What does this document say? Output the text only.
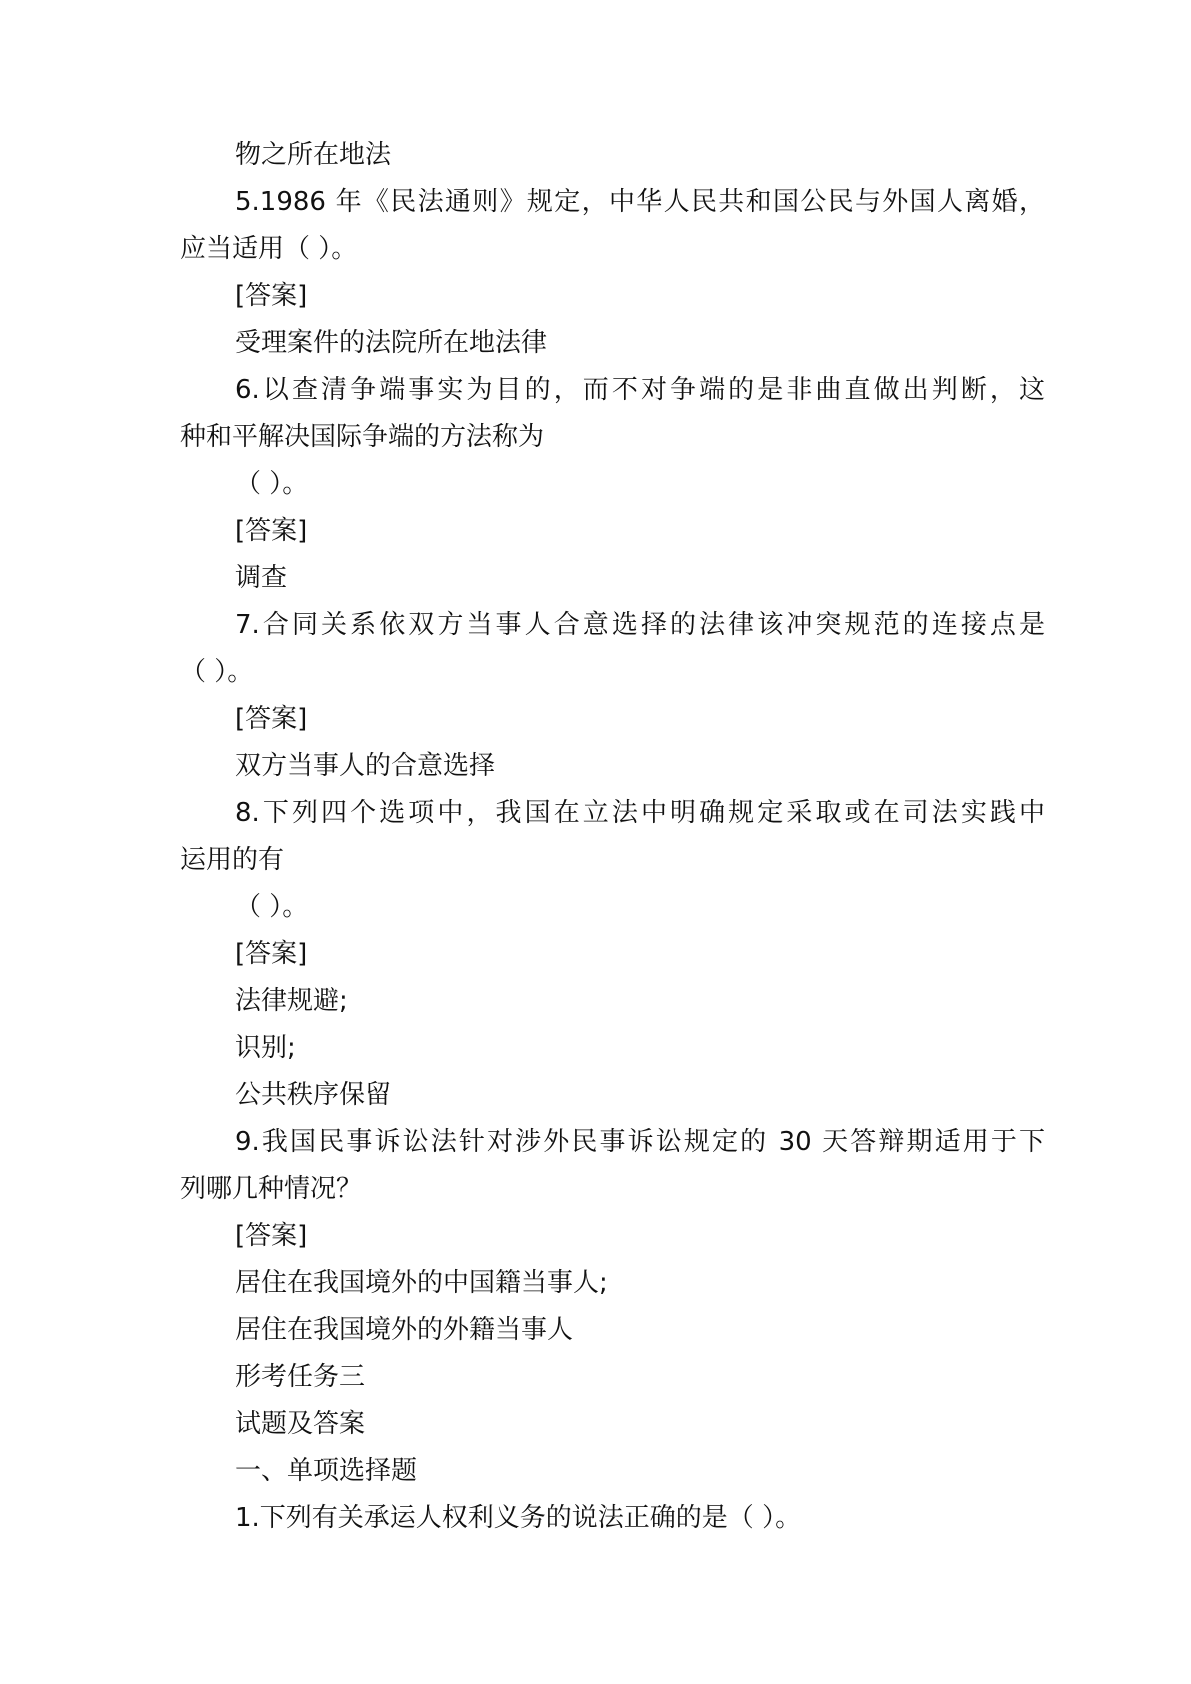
物之所在地法

5.1986 年《民法通则》规定，中华人民共和国公民与外国人离婚，

应当适用（ ）。

[答案]

受理案件的法院所在地法律

6.以查清争端事实为目的，而不对争端的是非曲直做出判断，这

种和平解决国际争端的方法称为

（ ）。

[答案]

调查

7.合同关系依双方当事人合意选择的法律该冲突规范的连接点是

（ ）。

[答案]

双方当事人的合意选择

8.下列四个选项中，我国在立法中明确规定采取或在司法实践中

运用的有

（ ）。

[答案]

法律规避;

识别;

公共秩序保留

9.我国民事诉讼法针对涉外民事诉讼规定的 30 天答辩期适用于下

列哪几种情况？

[答案]

居住在我国境外的中国籍当事人;

居住在我国境外的外籍当事人

形考任务三

试题及答案

一、单项选择题

1.下列有关承运人权利义务的说法正确的是（ ）。
